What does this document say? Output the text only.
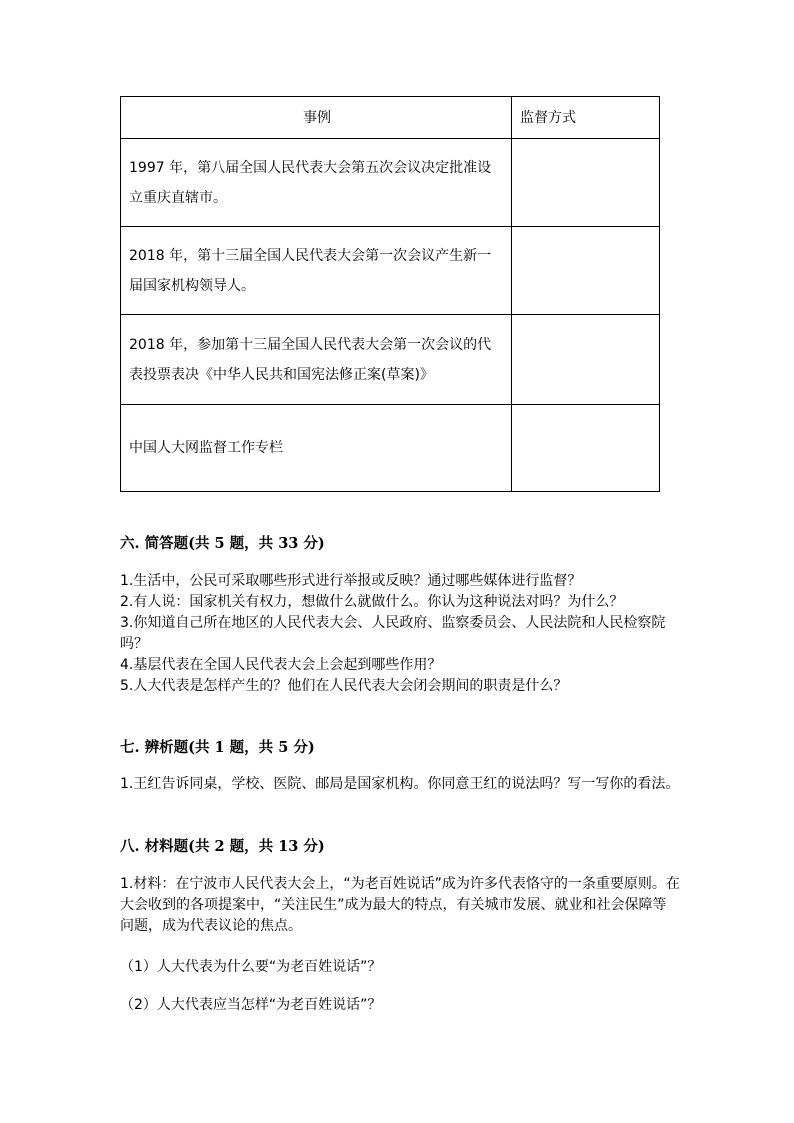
事例	监督方式
1997 年，第八届全国人民代表大会第五次会议决定批准设立重庆直辖市。	
2018 年，第十三届全国人民代表大会第一次会议产生新一届国家机构领导人。	
2018 年，参加第十三届全国人民代表大会第一次会议的代表投票表决《中华人民共和国宪法修正案(草案)》	
中国人大网监督工作专栏	
六. 简答题(共 5 题，共 33 分)
1.生活中，公民可采取哪些形式进行举报或反映？通过哪些媒体进行监督？
2.有人说：国家机关有权力，想做什么就做什么。你认为这种说法对吗？为什么？
3.你知道自己所在地区的人民代表大会、人民政府、监察委员会、人民法院和人民检察院吗？
4.基层代表在全国人民代表大会上会起到哪些作用？
5.人大代表是怎样产生的？他们在人民代表大会闭会期间的职责是什么？
七. 辨析题(共 1 题，共 5 分)
1.王红告诉同桌，学校、医院、邮局是国家机构。你同意王红的说法吗？写一写你的看法。
八. 材料题(共 2 题，共 13 分)
1.材料：在宁波市人民代表大会上，“为老百姓说话”成为许多代表恪守的一条重要原则。在大会收到的各项提案中，“关注民生”成为最大的特点，有关城市发展、就业和社会保障等问题，成为代表议论的焦点。
（1）人大代表为什么要“为老百姓说话”？
（2）人大代表应当怎样“为老百姓说话”？
